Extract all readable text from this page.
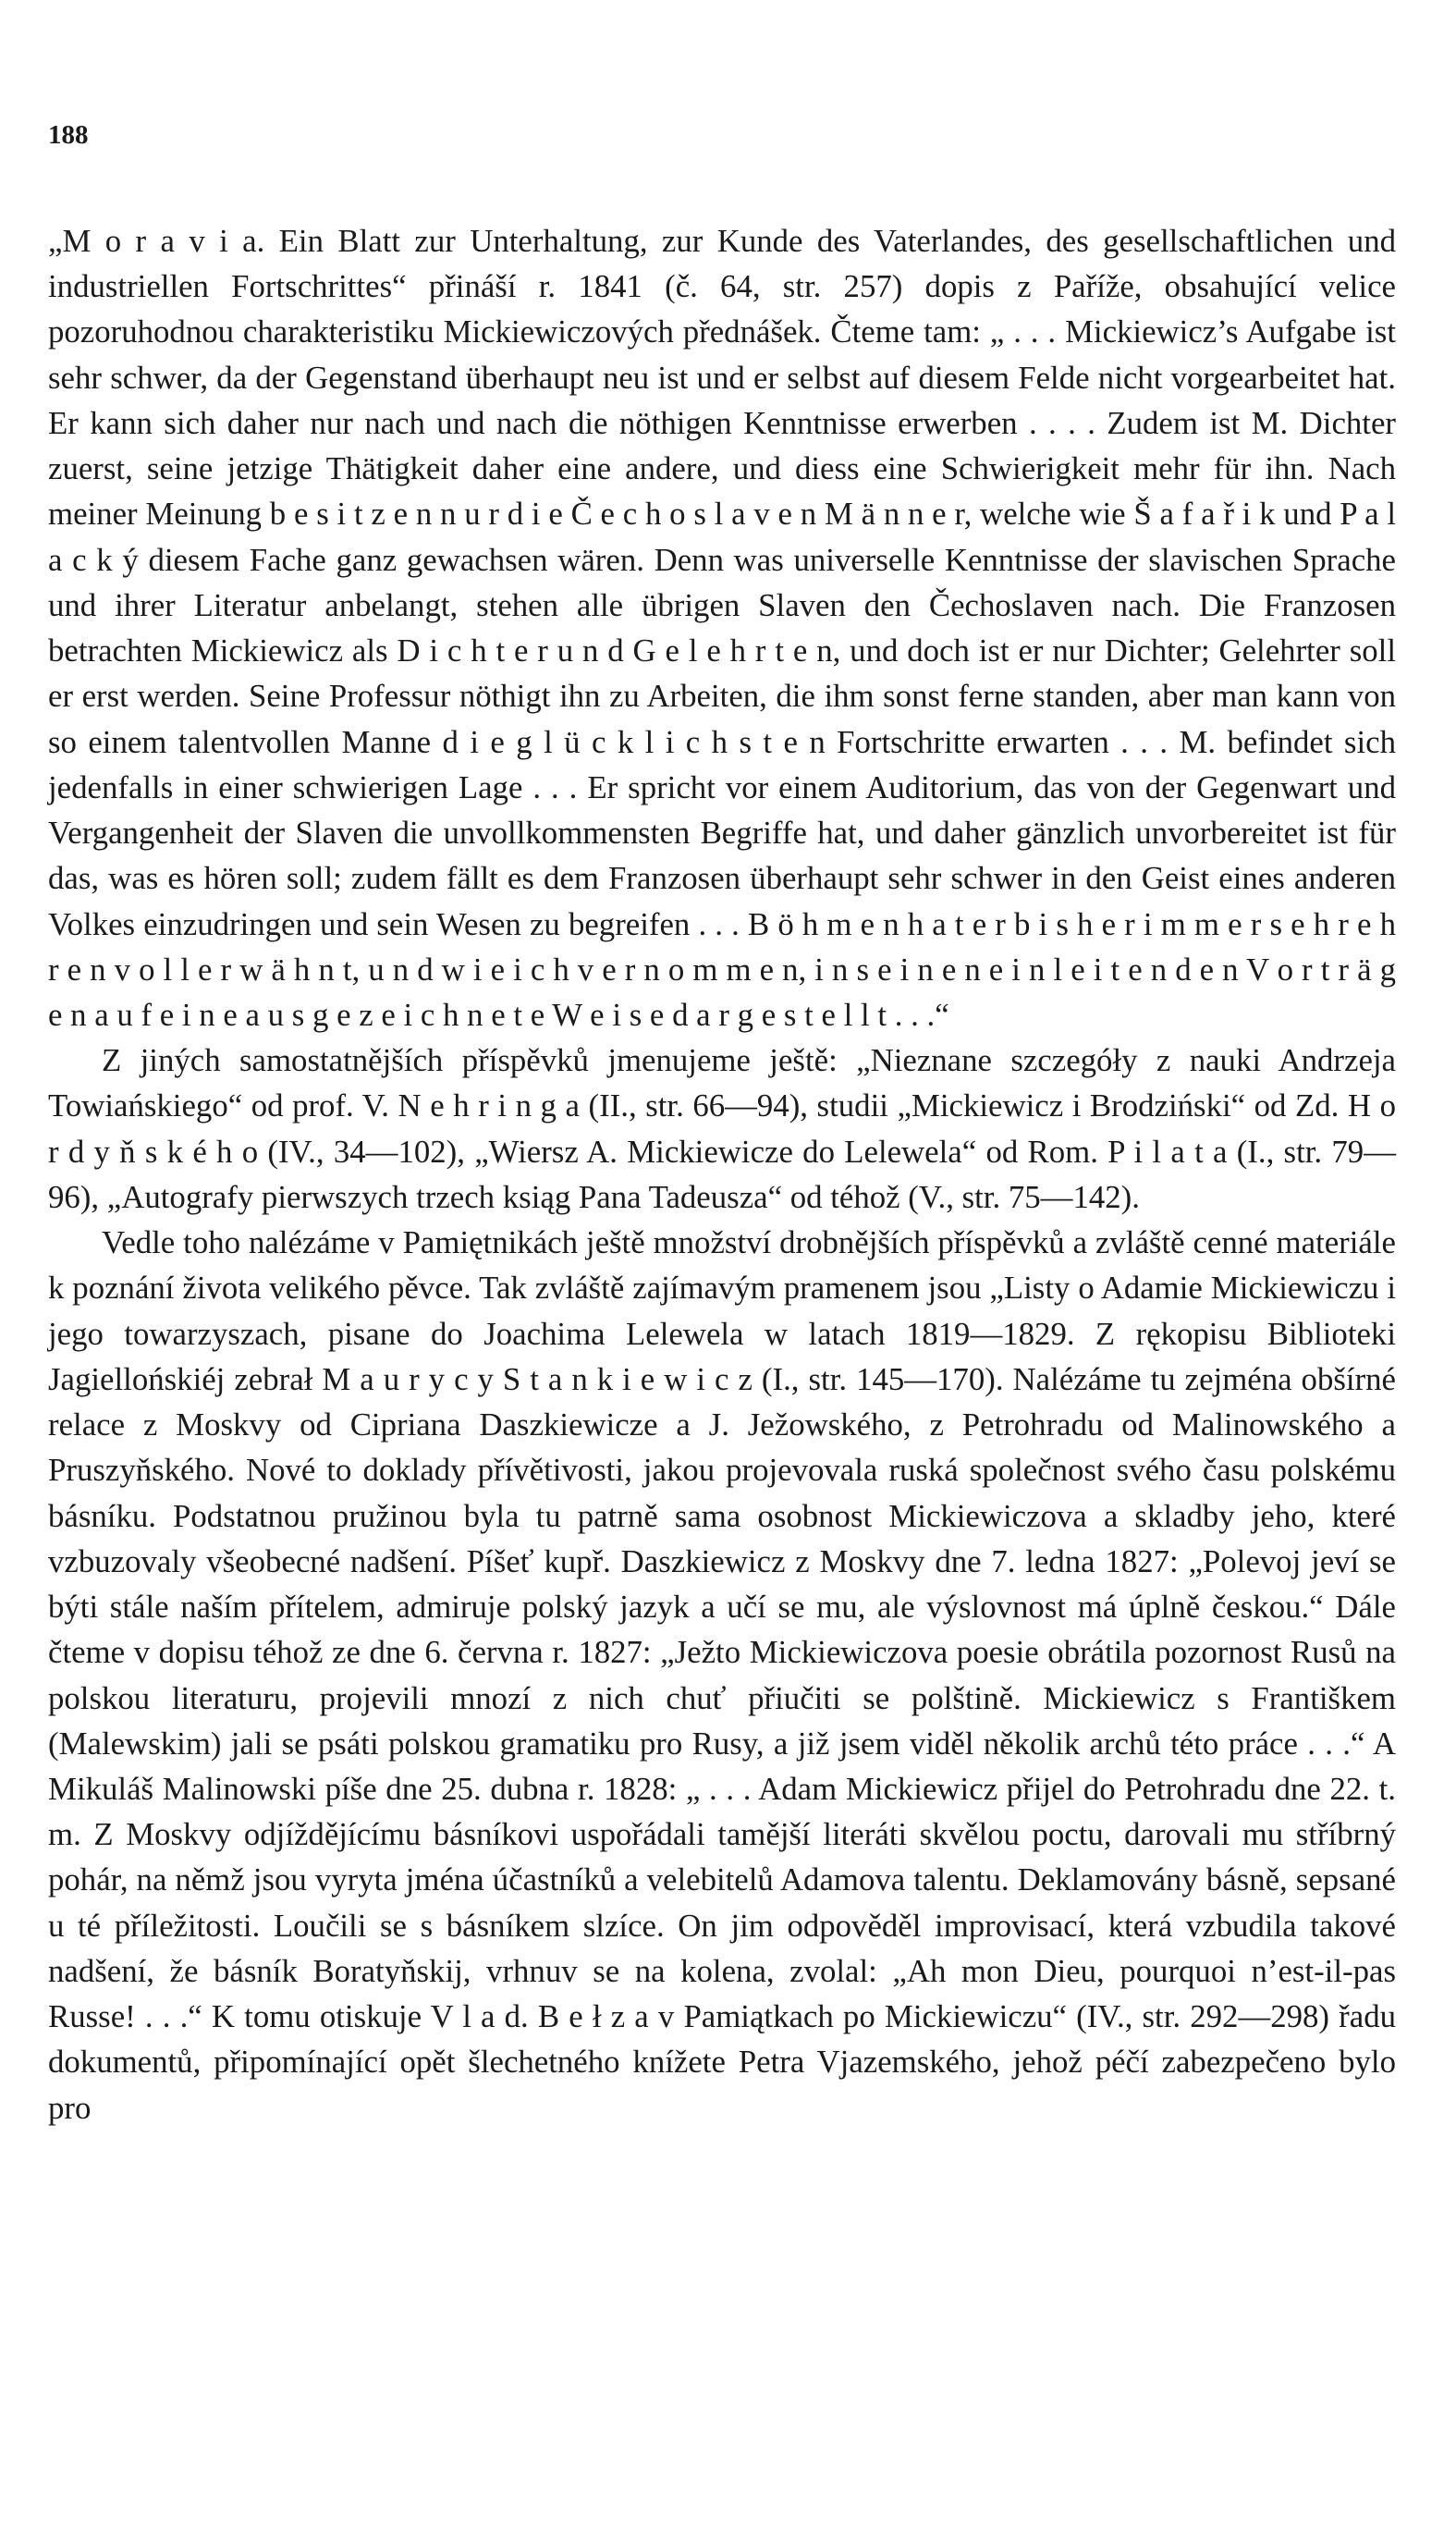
188

„M o r a v i a. Ein Blatt zur Unterhaltung, zur Kunde des Vaterlandes, des gesellschaftlichen und industriellen Fortschrittes“ přináší r. 1841 (č. 64, str. 257) dopis z Paříže, obsahující velice pozoruhodnou charakteristiku Mickiewiczových přednášek. Čteme tam: „ . . . Mickiewicz’s Aufgabe ist sehr schwer, da der Gegenstand überhaupt neu ist und er selbst auf diesem Felde nicht vorgearbeitet hat. Er kann sich daher nur nach und nach die nöthigen Kenntnisse erwerben . . . . Zudem ist M. Dichter zuerst, seine jetzige Thätigkeit daher eine andere, und diess eine Schwierigkeit mehr für ihn. Nach meiner Meinung b e s i t z e n n u r d i e Č e c h o s l a v e n M ä n n e r, welche wie Š a f a ř i k und P a l a c k ý diesem Fache ganz gewachsen wären. Denn was universelle Kenntnisse der slavischen Sprache und ihrer Literatur anbelangt, stehen alle übrigen Slaven den Čechoslaven nach. Die Franzosen betrachten Mickiewicz als D i c h t e r u n d G e l e h r t e n, und doch ist er nur Dichter; Gelehrter soll er erst werden. Seine Professur nöthigt ihn zu Arbeiten, die ihm sonst ferne standen, aber man kann von so einem talentvollen Manne d i e g l ü c k l i c h s t e n Fortschritte erwarten . . . M. befindet sich jedenfalls in einer schwierigen Lage . . . Er spricht vor einem Auditorium, das von der Gegenwart und Vergangenheit der Slaven die unvollkommensten Begriffe hat, und daher gänzlich unvorbereitet ist für das, was es hören soll; zudem fällt es dem Franzosen überhaupt sehr schwer in den Geist eines anderen Volkes einzudringen und sein Wesen zu begreifen . . . B ö h m e n h a t e r b i s h e r i m m e r s e h r e h r e n v o l l e r w ä h n t, u n d w i e i c h v e r n o m m e n, i n s e i n e n e i n l e i t e n d e n V o r t r ä g e n a u f e i n e a u s g e z e i c h n e t e W e i s e d a r g e s t e l l t . . .“

Z jiných samostatnějších příspěvků jmenujeme ještě: „Nieznane szczegóły z nauki Andrzeja Towiańskiego“ od prof. V. N e h r i n g a (II., str. 66—94), studii „Mickiewicz i Brodziński“ od Zd. H o r d y ň s k é h o (IV., 34—102), „Wiersz A. Mickiewicze do Lelewela“ od Rom. P i l a t a (I., str. 79—96), „Autografy pierwszych trzech ksiąg Pana Tadeusza“ od téhož (V., str. 75—142).

Vedle toho nalézáme v Pamiętnikách ještě množství drobnějších příspěvků a zvláště cenné materiále k poznání života velikého pěvce. Tak zvláště zajímavým pramenem jsou „Listy o Adamie Mickiewiczu i jego towarzyszach, pisane do Joachima Lelewela w latach 1819—1829. Z rękopisu Biblioteki Jagiellońskiéj zebrał M a u r y c y S t a n k i e w i c z (I., str. 145—170). Nalézáme tu zejména obšírné relace z Moskvy od Cipriana Daszkiewicze a J. Ježowského, z Petrohradu od Malinowského a Pruszyňského. Nové to doklady přívětivosti, jakou projevovala ruská společnost svého času polskému básníku. Podstatnou pružinou byla tu patrně sama osobnost Mickiewiczova a skladby jeho, které vzbuzovaly všeobecné nadšení. Píšeť kupř. Daszkiewicz z Moskvy dne 7. ledna 1827: „Polevoj jeví se býti stále naším přítelem, admiruje polský jazyk a učí se mu, ale výslovnost má úplně českou.“ Dále čteme v dopisu téhož ze dne 6. června r. 1827: „Ježto Mickiewiczova poesie obrátila pozornost Rusů na polskou literaturu, projevili mnozí z nich chuť přiučiti se polštině. Mickiewicz s Františkem (Malewskim) jali se psáti polskou gramatiku pro Rusy, a již jsem viděl několik archů této práce . . .“ A Mikuláš Malinowski píše dne 25. dubna r. 1828: „ . . . Adam Mickiewicz přijel do Petrohradu dne 22. t. m. Z Moskvy odjíždějícímu básníkovi uspořádali tamější literáti skvělou poctu, darovali mu stříbrný pohár, na němž jsou vyryta jména účastníků a velebitelů Adamova talentu. Deklamovány básně, sepsané u té příležitosti. Loučili se s básníkem slzíce. On jim odpověděl improvisací, která vzbudila takové nadšení, že básník Boratyňskij, vrhnuv se na kolena, zvolal: „Ah mon Dieu, pourquoi n’est-il-pas Russe! . . .“ K tomu otiskuje V l a d. B e ł z a v Pamiątkach po Mickiewiczu“ (IV., str. 292—298) řadu dokumentů, připomínající opět šlechetného knížete Petra Vjazemského, jehož péčí zabezpečeno bylo pro
